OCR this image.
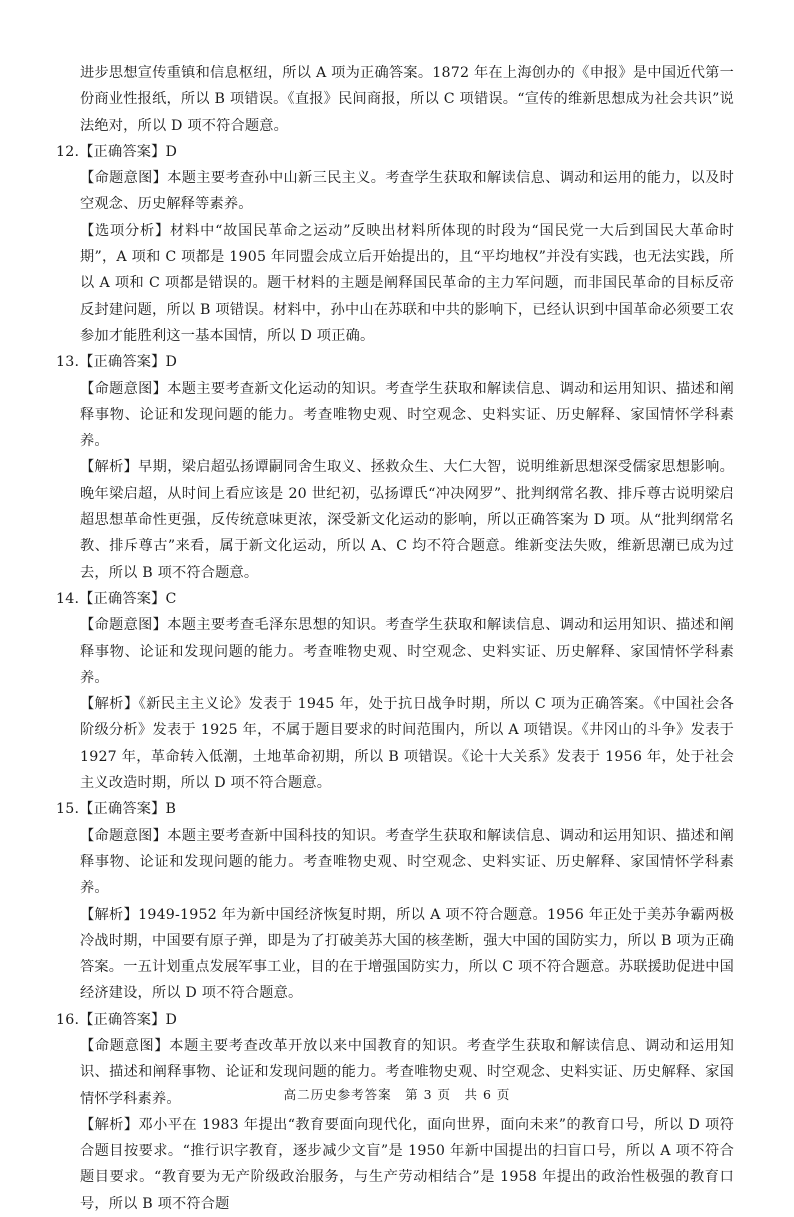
进步思想宣传重镇和信息枢纽，所以 A 项为正确答案。1872 年在上海创办的《申报》是中国近代第一份商业性报纸，所以 B 项错误。《直报》民间商报，所以 C 项错误。“宣传的维新思想成为社会共识”说法绝对，所以 D 项不符合题意。

12.【正确答案】D

【命题意图】本题主要考查孙中山新三民主义。考查学生获取和解读信息、调动和运用的能力，以及时空观念、历史解释等素养。

【选项分析】材料中“故国民革命之运动”反映出材料所体现的时段为“国民党一大后到国民大革命时期”，A 项和 C 项都是 1905 年同盟会成立后开始提出的，且“平均地权”并没有实践，也无法实践，所以 A 项和 C 项都是错误的。题干材料的主题是阐释国民革命的主力军问题，而非国民革命的目标反帝反封建问题，所以 B 项错误。材料中，孙中山在苏联和中共的影响下，已经认识到中国革命必须要工农参加才能胜利这一基本国情，所以 D 项正确。

13.【正确答案】D

【命题意图】本题主要考查新文化运动的知识。考查学生获取和解读信息、调动和运用知识、描述和阐释事物、论证和发现问题的能力。考查唯物史观、时空观念、史料实证、历史解释、家国情怀学科素养。

【解析】早期，梁启超弘扬谭嗣同舍生取义、拯救众生、大仁大智，说明维新思想深受儒家思想影响。晚年梁启超，从时间上看应该是 20 世纪初，弘扬谭氏“冲决网罗”、批判纲常名教、排斥尊古说明梁启超思想革命性更强，反传统意味更浓，深受新文化运动的影响，所以正确答案为 D 项。从“批判纲常名教、排斥尊古”来看，属于新文化运动，所以 A、C 均不符合题意。维新变法失败，维新思潮已成为过去，所以 B 项不符合题意。

14.【正确答案】C

【命题意图】本题主要考查毛泽东思想的知识。考查学生获取和解读信息、调动和运用知识、描述和阐释事物、论证和发现问题的能力。考查唯物史观、时空观念、史料实证、历史解释、家国情怀学科素养。

【解析】《新民主主义论》发表于 1945 年，处于抗日战争时期，所以 C 项为正确答案。《中国社会各阶级分析》发表于 1925 年，不属于题目要求的时间范围内，所以 A 项错误。《井冈山的斗争》发表于 1927 年，革命转入低潮，土地革命初期，所以 B 项错误。《论十大关系》发表于 1956 年，处于社会主义改造时期，所以 D 项不符合题意。

15.【正确答案】B

【命题意图】本题主要考查新中国科技的知识。考查学生获取和解读信息、调动和运用知识、描述和阐释事物、论证和发现问题的能力。考查唯物史观、时空观念、史料实证、历史解释、家国情怀学科素养。

【解析】1949-1952 年为新中国经济恢复时期，所以 A 项不符合题意。1956 年正处于美苏争霸两极冷战时期，中国要有原子弹，即是为了打破美苏大国的核垄断，强大中国的国防实力，所以 B 项为正确答案。一五计划重点发展军事工业，目的在于增强国防实力，所以 C 项不符合题意。苏联援助促进中国经济建设，所以 D 项不符合题意。

16.【正确答案】D

【命题意图】本题主要考查改革开放以来中国教育的知识。考查学生获取和解读信息、调动和运用知识、描述和阐释事物、论证和发现问题的能力。考查唯物史观、时空观念、史料实证、历史解释、家国情怀学科素养。

【解析】邓小平在 1983 年提出“教育要面向现代化，面向世界，面向未来”的教育口号，所以 D 项符合题目按要求。“推行识字教育，逐步减少文盲”是 1950 年新中国提出的扫盲口号，所以 A 项不符合题目要求。“教育要为无产阶级政治服务，与生产劳动相结合”是 1958 年提出的政治性极强的教育口号，所以 B 项不符合题

高二历史参考答案　第 3 页　共 6 页
